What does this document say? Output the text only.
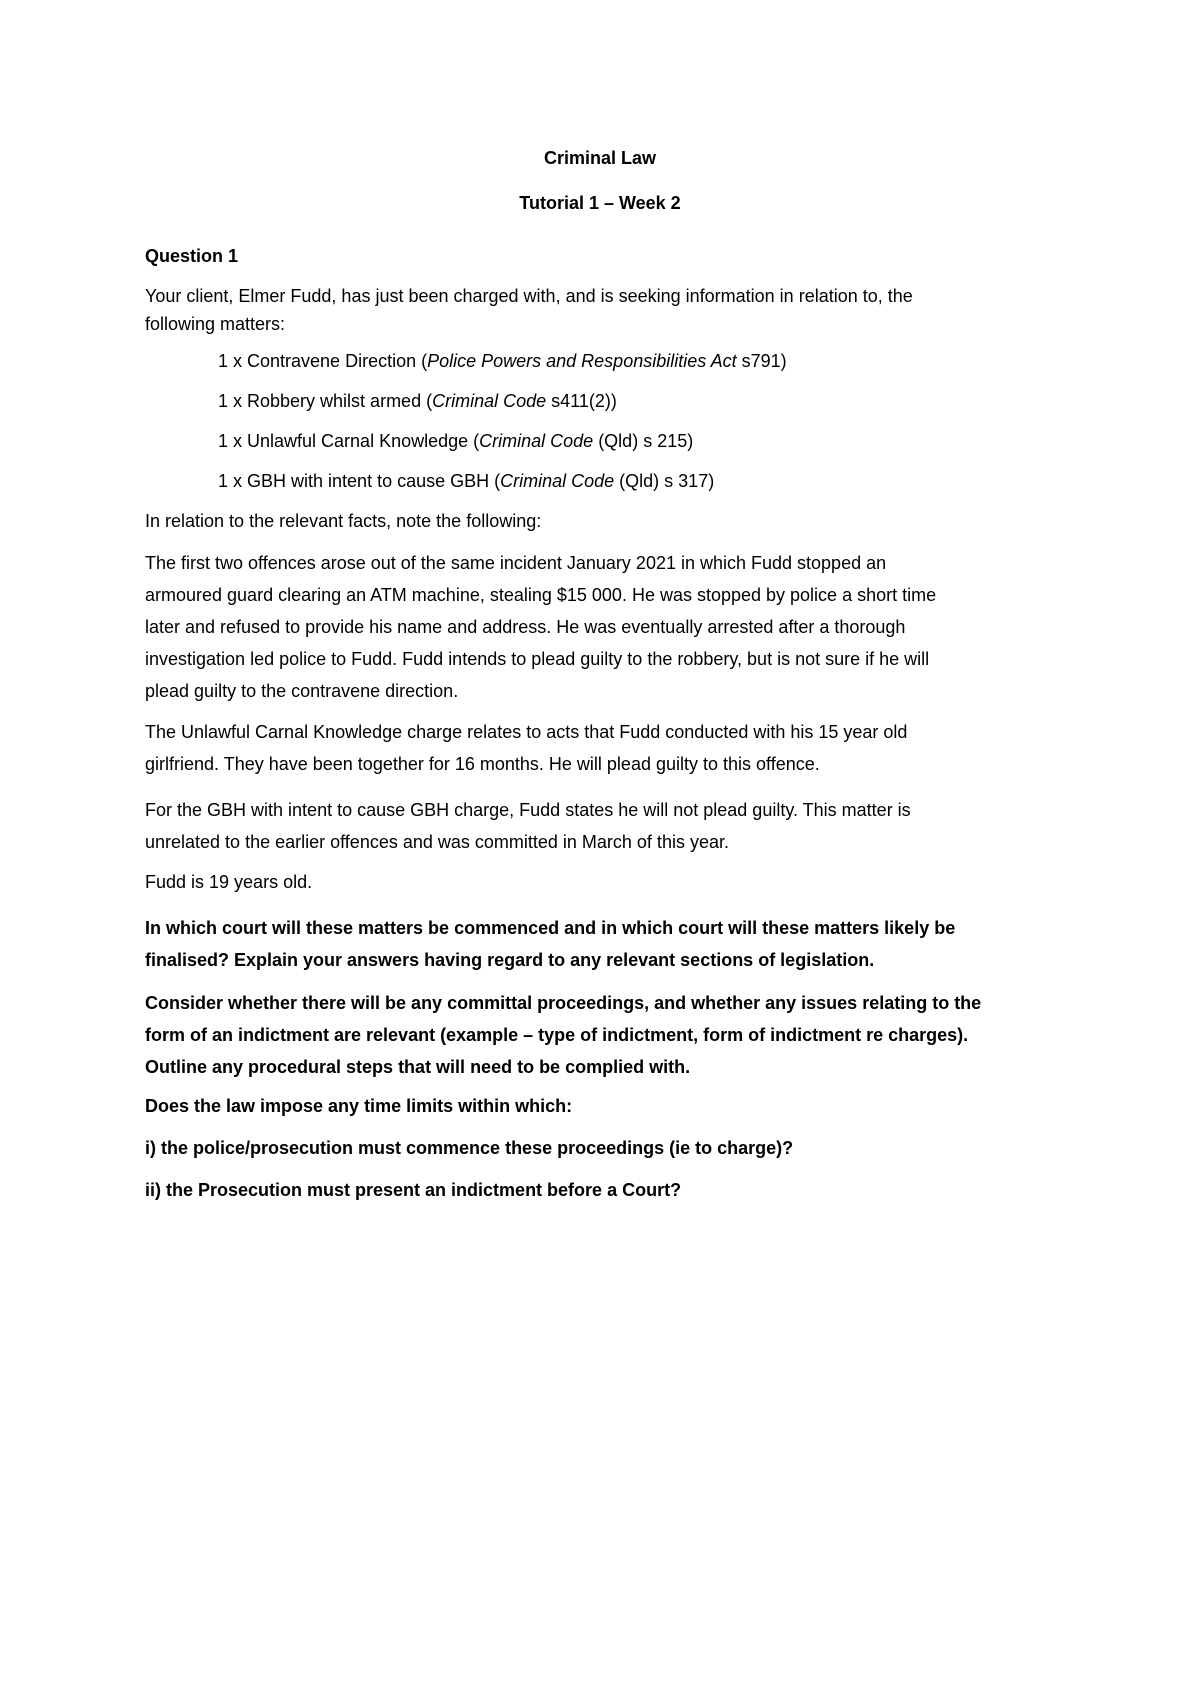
Criminal Law
Tutorial 1 – Week 2
Question 1
Your client, Elmer Fudd, has just been charged with, and is seeking information in relation to, the
following matters:
1 x Contravene Direction (Police Powers and Responsibilities Act s791)
1 x Robbery whilst armed (Criminal Code s411(2))
1 x Unlawful Carnal Knowledge (Criminal Code (Qld) s 215)
1 x GBH with intent to cause GBH (Criminal Code (Qld) s 317)
In relation to the relevant facts, note the following:
The first two offences arose out of the same incident January 2021 in which Fudd stopped an
armoured guard clearing an ATM machine, stealing $15 000. He was stopped by police a short time
later and refused to provide his name and address. He was eventually arrested after a thorough
investigation led police to Fudd. Fudd intends to plead guilty to the robbery, but is not sure if he will
plead guilty to the contravene direction.
The Unlawful Carnal Knowledge charge relates to acts that Fudd conducted with his 15 year old
girlfriend. They have been together for 16 months. He will plead guilty to this offence.
For the GBH with intent to cause GBH charge, Fudd states he will not plead guilty. This matter is
unrelated to the earlier offences and was committed in March of this year.
Fudd is 19 years old.
In which court will these matters be commenced and in which court will these matters likely be
finalised? Explain your answers having regard to any relevant sections of legislation.
Consider whether there will be any committal proceedings, and whether any issues relating to the
form of an indictment are relevant (example – type of indictment, form of indictment re charges).
Outline any procedural steps that will need to be complied with.
Does the law impose any time limits within which:
i) the police/prosecution must commence these proceedings (ie to charge)?
ii) the Prosecution must present an indictment before a Court?
